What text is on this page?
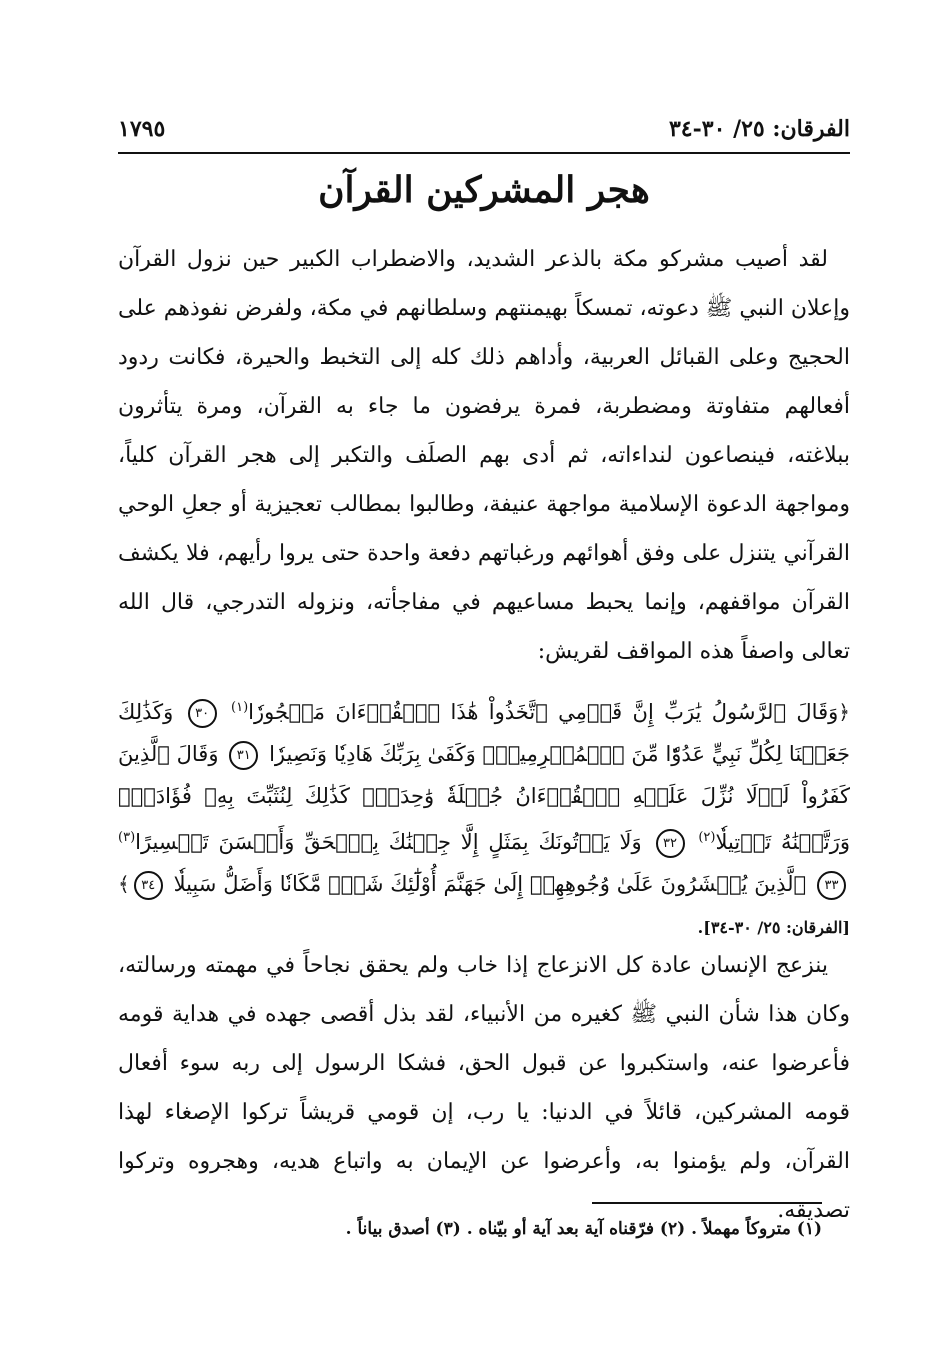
الفرقان: ٢٥/ ٣٠-٣٤
١٧٩٥
هجر المشركين القرآن
لقد أصيب مشركو مكة بالذعر الشديد، والاضطراب الكبير حين نزول القرآن وإعلان النبي ﷺ دعوته، تمسكاً بهيمنتهم وسلطانهم في مكة، ولفرض نفوذهم على الحجيج وعلى القبائل العربية، وأداهم ذلك كله إلى التخبط والحيرة، فكانت ردود أفعالهم متفاوتة ومضطربة، فمرة يرفضون ما جاء به القرآن، ومرة يتأثرون ببلاغته، فينصاعون لنداءاته، ثم أدى بهم الصلَف والتكبر إلى هجر القرآن كلياً، ومواجهة الدعوة الإسلامية مواجهة عنيفة، وطالبوا بمطالب تعجيزية أو جعلِ الوحي القرآني يتنزل على وفق أهوائهم ورغباتهم دفعة واحدة حتى يروا رأيهم، فلا يكشف القرآن مواقفهم، وإنما يحبط مساعيهم في مفاجأته، ونزوله التدرجي، قال الله تعالى واصفاً هذه المواقف لقريش:
﴿وَقَالَ ٱلرَّسُولُ يَٰرَبِّ إِنَّ قَوۡمِي ٱتَّخَذُواْ هَٰذَا ٱلۡقُرۡءَانَ مَهۡجُورٗا$^{(١)}$ ٣٠ وَكَذَٰلِكَ جَعَلۡنَا لِكُلِّ نَبِيٍّ عَدُوّٗا مِّنَ ٱلۡمُجۡرِمِينَۗ وَكَفَىٰ بِرَبِّكَ هَادِيٗا وَنَصِيرٗا ٣١ وَقَالَ ٱلَّذِينَ كَفَرُواْ لَوۡلَا نُزِّلَ عَلَيۡهِ ٱلۡقُرۡءَانُ جُمۡلَةٗ وَٰحِدَةٗۚ كَذَٰلِكَ لِنُثَبِّتَ بِهِۦ فُؤَادَكَۖ وَرَتَّلۡنَٰهُ تَرۡتِيلٗا$^{(٢)}$ ٣٢ وَلَا يَأۡتُونَكَ بِمَثَلٍ إِلَّا جِئۡنَٰكَ بِٱلۡحَقِّ وَأَحۡسَنَ تَفۡسِيرًا$^{(٣)}$ ٣٣ ٱلَّذِينَ يُحۡشَرُونَ عَلَىٰ وُجُوهِهِمۡ إِلَىٰ جَهَنَّمَ أُوْلَٰٓئِكَ شَرّٞ مَّكَانٗا وَأَضَلُّ سَبِيلٗا ٣٤﴾ [الفرقان: ٢٥/ ٣٠-٣٤].
ينزعج الإنسان عادة كل الانزعاج إذا خاب ولم يحقق نجاحاً في مهمته ورسالته، وكان هذا شأن النبي ﷺ كغيره من الأنبياء، لقد بذل أقصى جهده في هداية قومه فأعرضوا عنه، واستكبروا عن قبول الحق، فشكا الرسول إلى ربه سوء أفعال قومه المشركين، قائلاً في الدنيا: يا رب، إن قومي قريشاً تركوا الإصغاء لهذا القرآن، ولم يؤمنوا به، وأعرضوا عن الإيمان به واتباع هديه، وهجروه وتركوا تصديقه.
(١) متروكاً مهملاً . (٢) فرّقناه آية بعد آية أو بيّناه . (٣) أصدق بياناً .
